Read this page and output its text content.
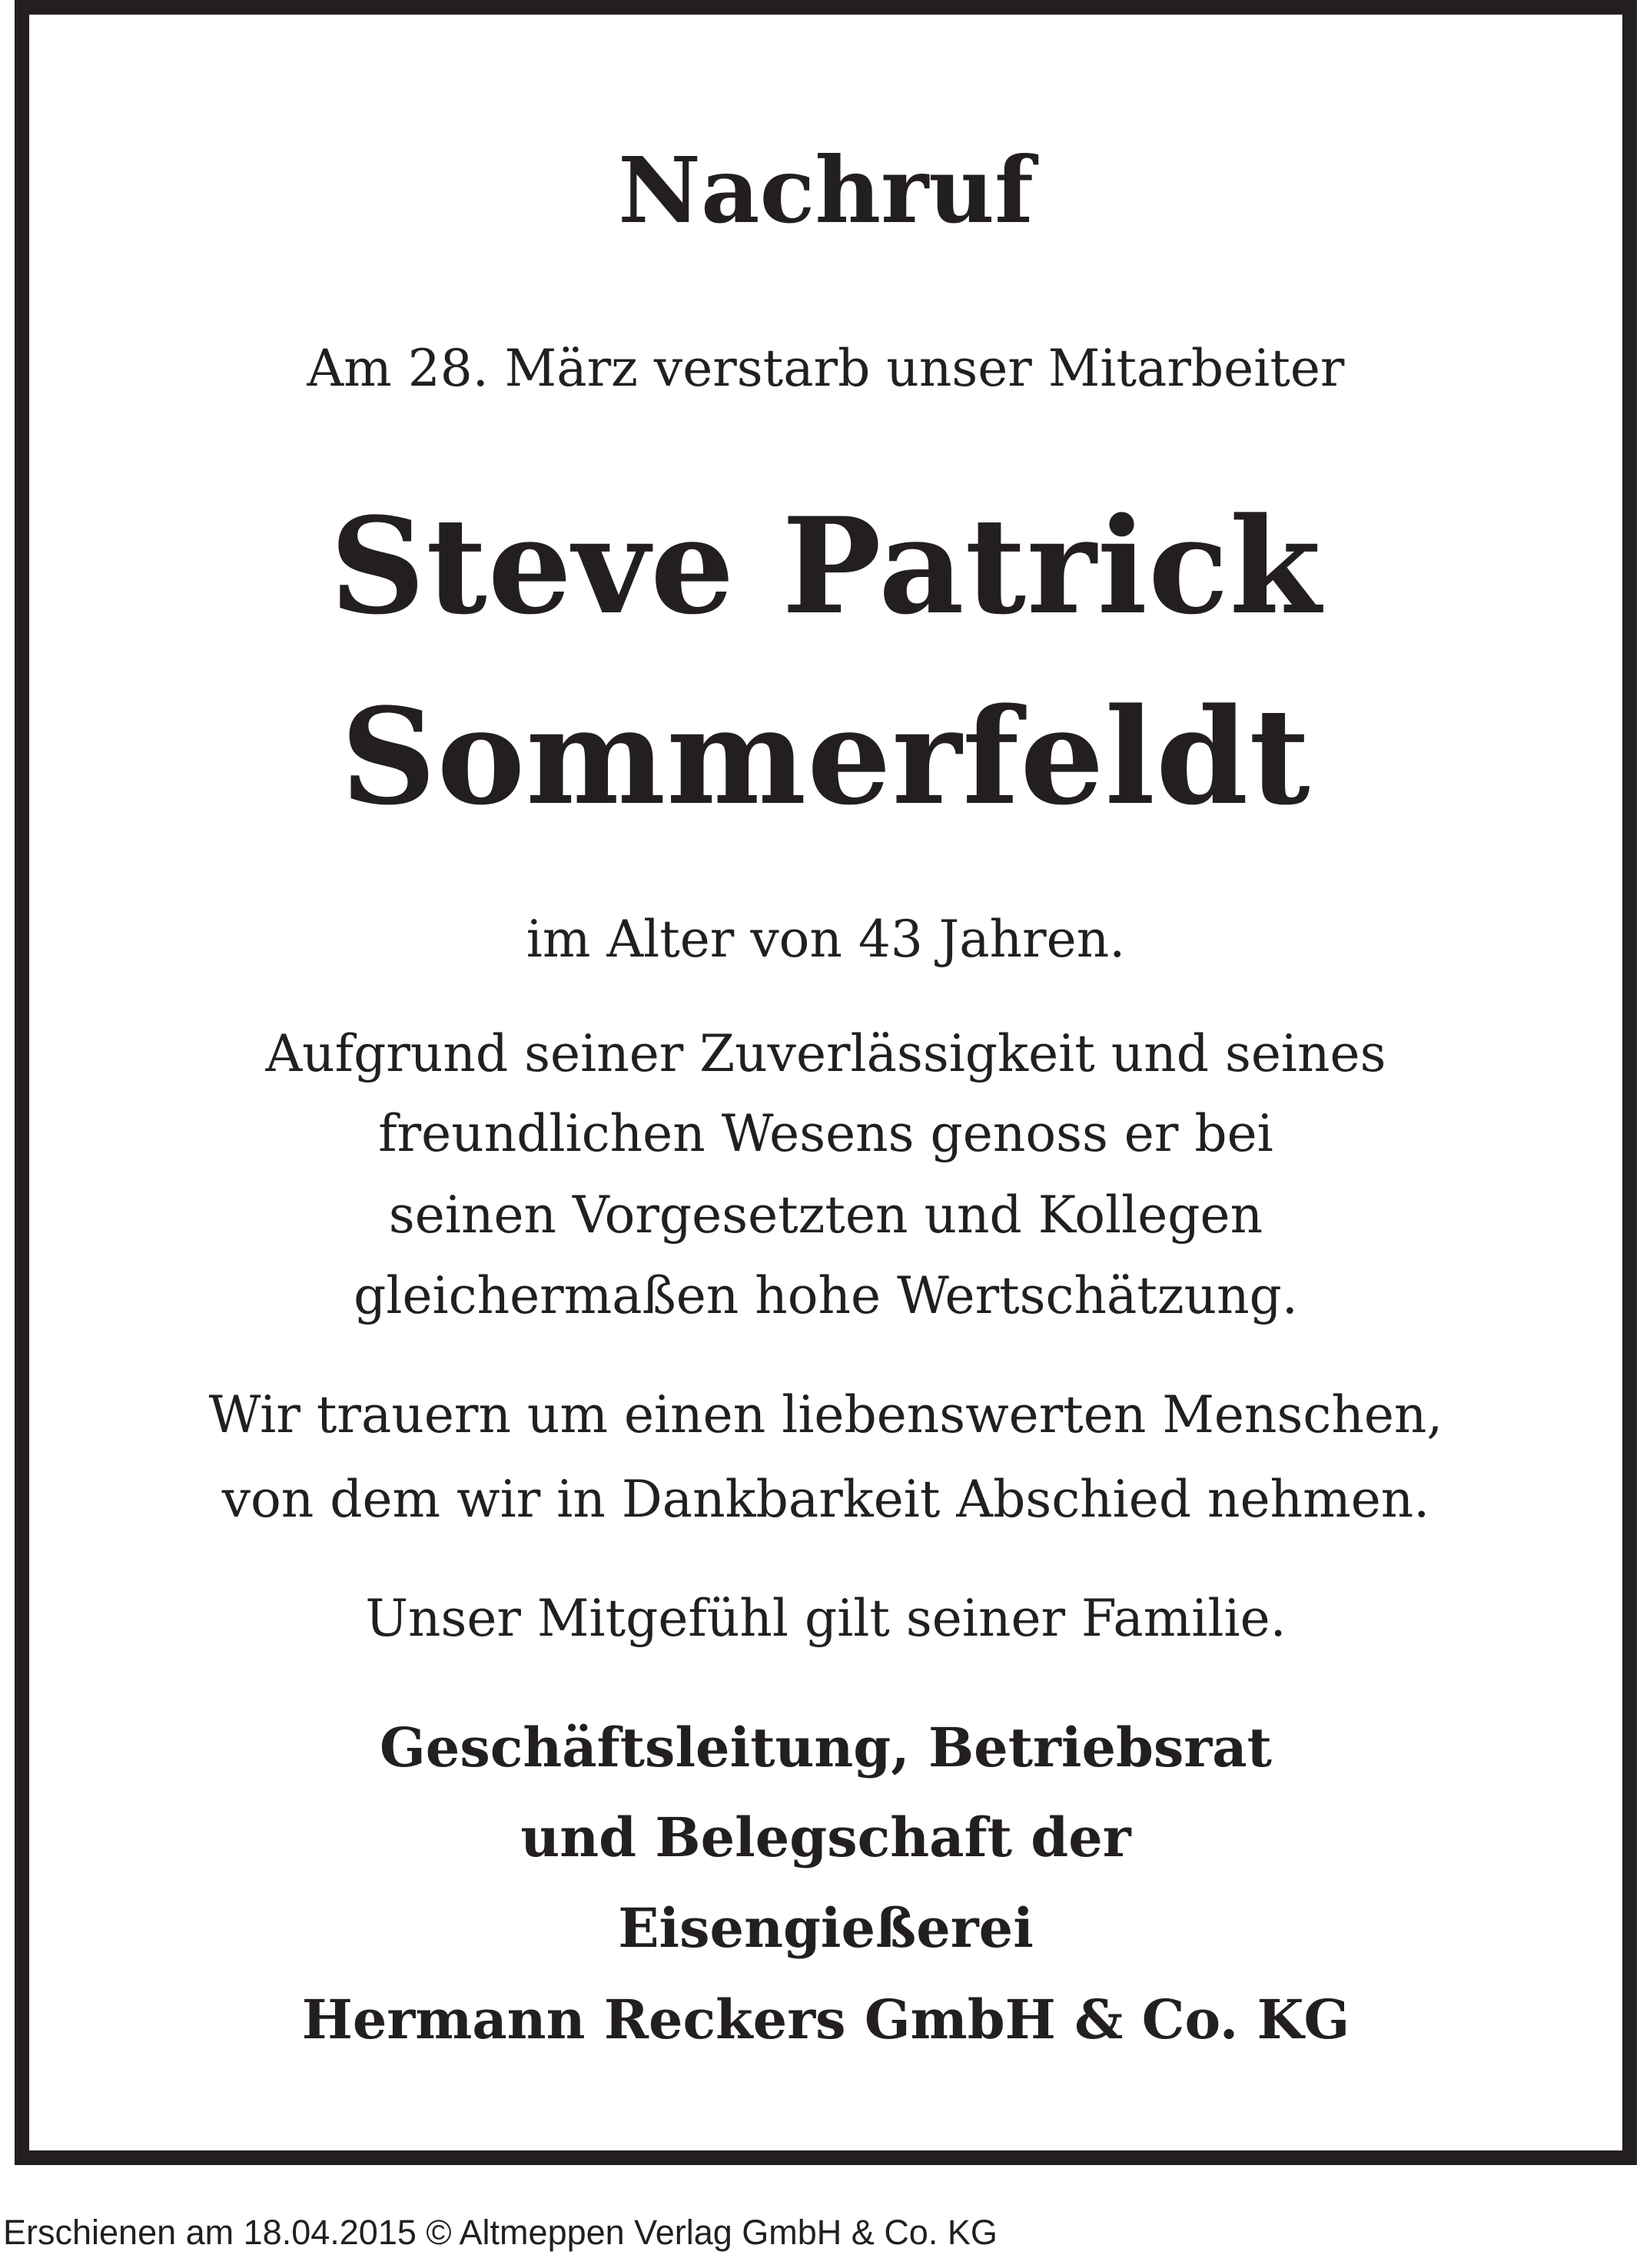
Nachruf
Am 28. März verstarb unser Mitarbeiter
Steve Patrick
Sommerfeldt
im Alter von 43 Jahren.
Aufgrund seiner Zuverlässigkeit und seines
freundlichen Wesens genoss er bei
seinen Vorgesetzten und Kollegen
gleichermaßen hohe Wertschätzung.
Wir trauern um einen liebenswerten Menschen,
von dem wir in Dankbarkeit Abschied nehmen.
Unser Mitgefühl gilt seiner Familie.
Geschäftsleitung, Betriebsrat
und Belegschaft der
Eisengießerei
Hermann Reckers GmbH & Co. KG
Erschienen am 18.04.2015 © Altmeppen Verlag GmbH & Co. KG
